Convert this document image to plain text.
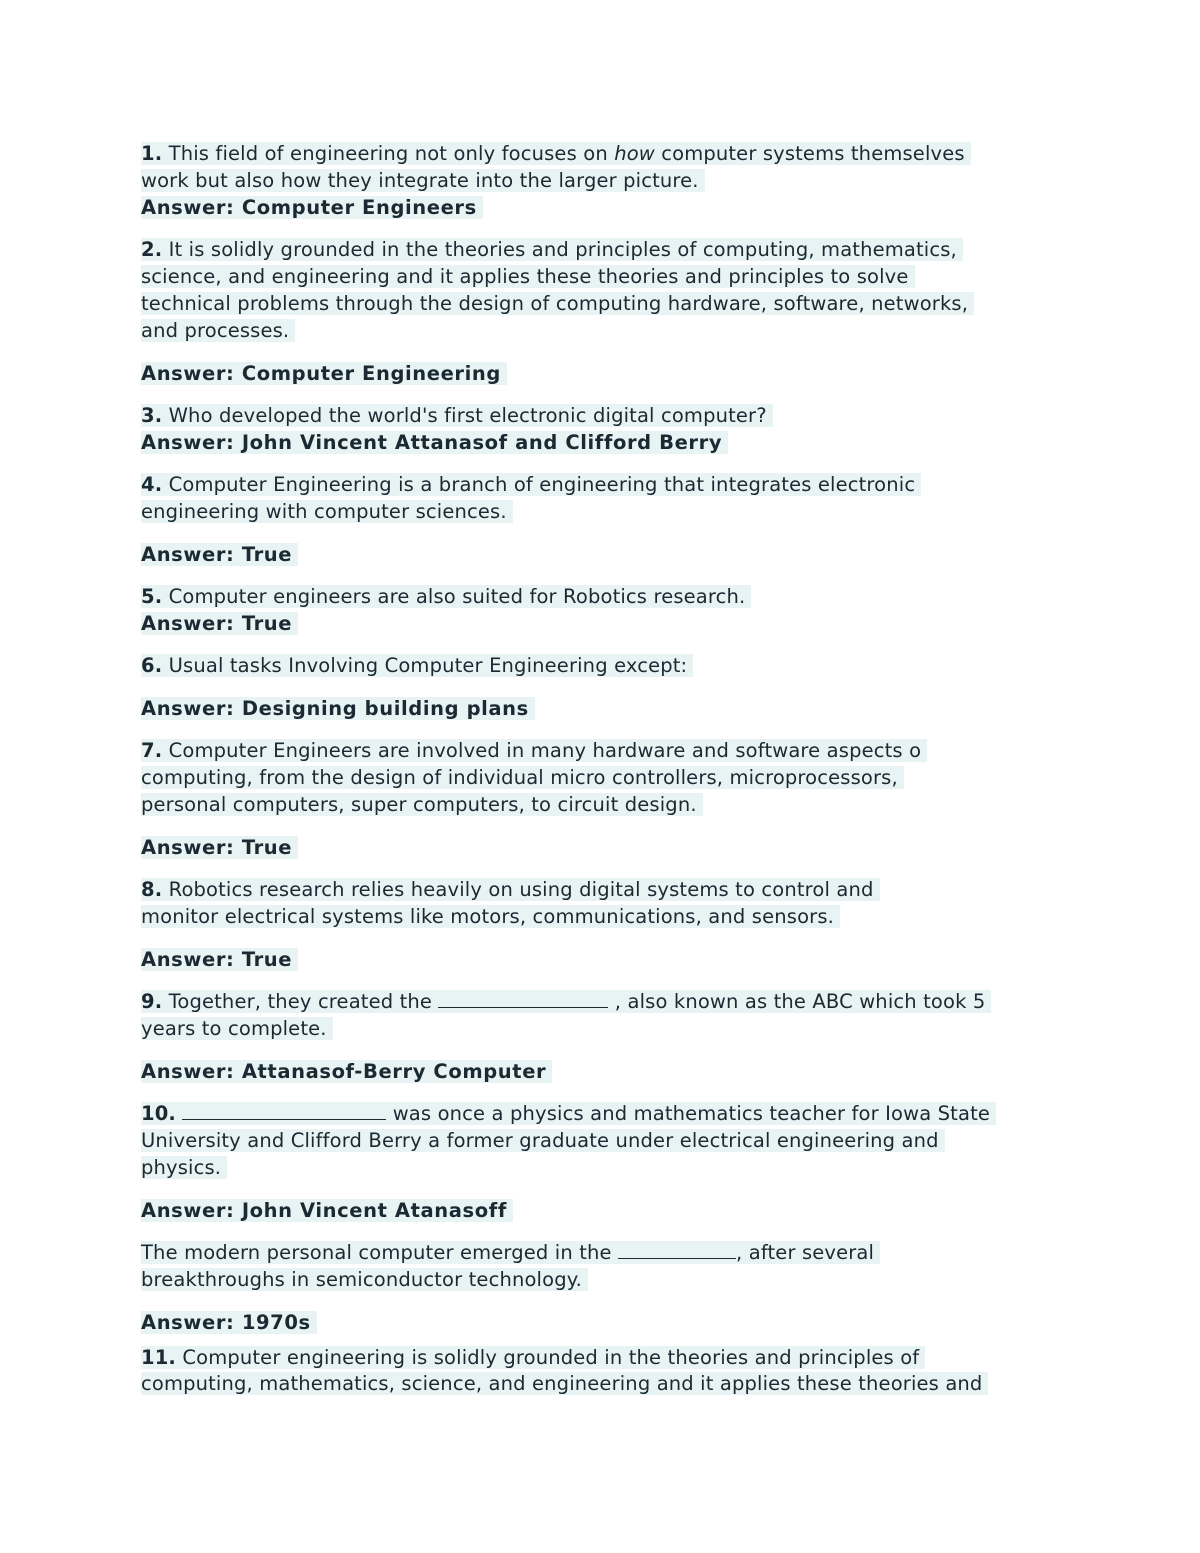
1. This field of engineering not only focuses on how computer systems themselves
work but also how they integrate into the larger picture.
Answer: Computer Engineers
2. It is solidly grounded in the theories and principles of computing, mathematics,
science, and engineering and it applies these theories and principles to solve
technical problems through the design of computing hardware, software, networks,
and processes.
Answer: Computer Engineering
3. Who developed the world's first electronic digital computer?
Answer: John Vincent Attanasof and Clifford Berry
4. Computer Engineering is a branch of engineering that integrates electronic
engineering with computer sciences.
Answer: True
5. Computer engineers are also suited for Robotics research.
Answer: True
6. Usual tasks Involving Computer Engineering except:
Answer: Designing building plans
7. Computer Engineers are involved in many hardware and software aspects o
computing, from the design of individual micro controllers, microprocessors,
personal computers, super computers, to circuit design.
Answer: True
8. Robotics research relies heavily on using digital systems to control and
monitor electrical systems like motors, communications, and sensors.
Answer: True
9. Together, they created the	, also known as the ABC which took 5
years to complete.
Answer: Attanasof-Berry Computer
10.	was once a physics and mathematics teacher for Iowa State
University and Clifford Berry a former graduate under electrical engineering and
physics.
Answer: John Vincent Atanasoff
The modern personal computer emerged in the	, after several
breakthroughs in semiconductor technology.
Answer: 1970s
11. Computer engineering is solidly grounded in the theories and principles of
computing, mathematics, science, and engineering and it applies these theories and
